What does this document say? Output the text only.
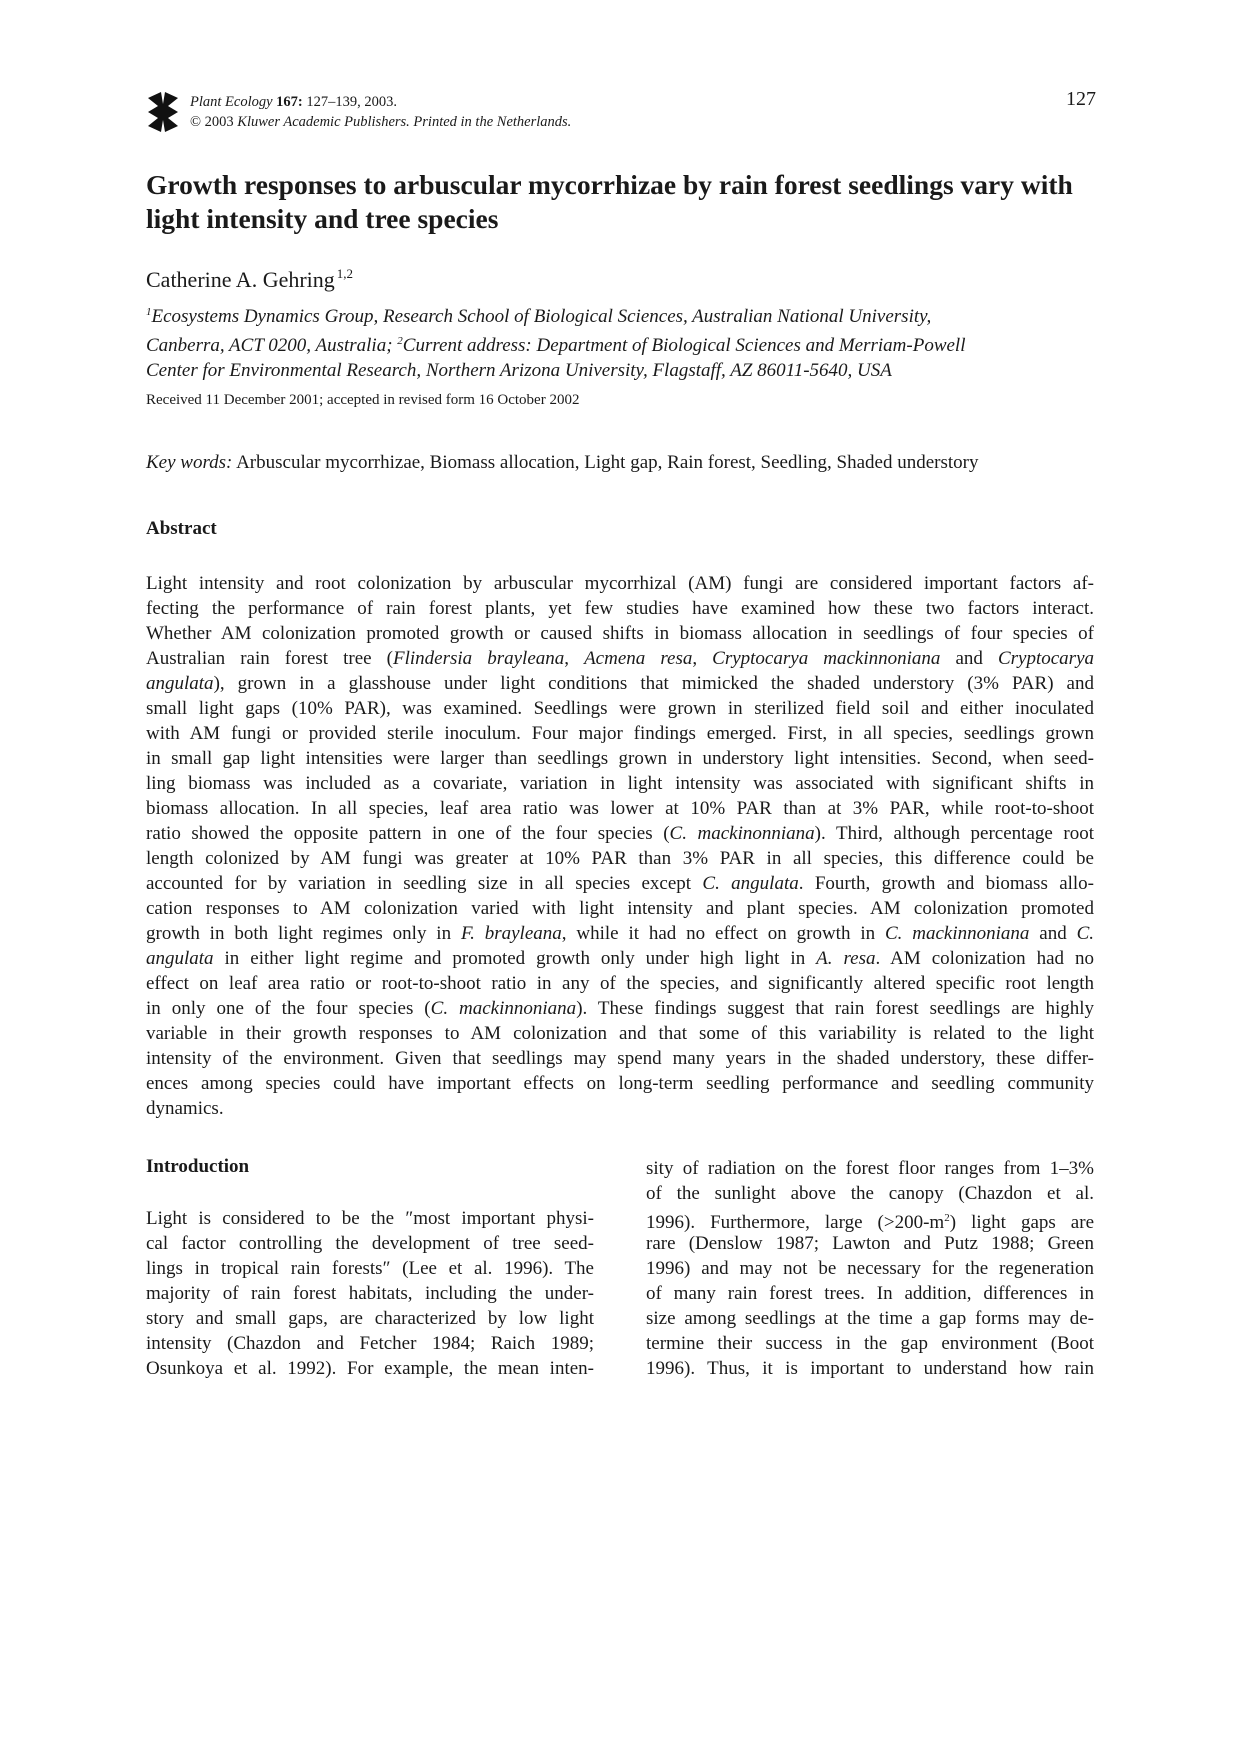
Plant Ecology 167: 127–139, 2003.
© 2003 Kluwer Academic Publishers. Printed in the Netherlands.
127
Growth responses to arbuscular mycorrhizae by rain forest seedlings vary with light intensity and tree species
Catherine A. Gehring $^{1,2}$
$^1$Ecosystems Dynamics Group, Research School of Biological Sciences, Australian National University,
Canberra, ACT 0200, Australia; $^2$Current address: Department of Biological Sciences and Merriam-Powell
Center for Environmental Research, Northern Arizona University, Flagstaff, AZ 86011-5640, USA
Received 11 December 2001; accepted in revised form 16 October 2002
Key words: Arbuscular mycorrhizae, Biomass allocation, Light gap, Rain forest, Seedling, Shaded understory
Abstract
Light intensity and root colonization by arbuscular mycorrhizal (AM) fungi are considered important factors af-
fecting the performance of rain forest plants, yet few studies have examined how these two factors interact.
Whether AM colonization promoted growth or caused shifts in biomass allocation in seedlings of four species of
Australian rain forest tree (Flindersia brayleana, Acmena resa, Cryptocarya mackinnoniana and Cryptocarya
angulata), grown in a glasshouse under light conditions that mimicked the shaded understory (3% PAR) and
small light gaps (10% PAR), was examined. Seedlings were grown in sterilized field soil and either inoculated
with AM fungi or provided sterile inoculum. Four major findings emerged. First, in all species, seedlings grown
in small gap light intensities were larger than seedlings grown in understory light intensities. Second, when seed-
ling biomass was included as a covariate, variation in light intensity was associated with significant shifts in
biomass allocation. In all species, leaf area ratio was lower at 10% PAR than at 3% PAR, while root-to-shoot
ratio showed the opposite pattern in one of the four species (C. mackinonniana). Third, although percentage root
length colonized by AM fungi was greater at 10% PAR than 3% PAR in all species, this difference could be
accounted for by variation in seedling size in all species except C. angulata. Fourth, growth and biomass allo-
cation responses to AM colonization varied with light intensity and plant species. AM colonization promoted
growth in both light regimes only in F. brayleana, while it had no effect on growth in C. mackinnoniana and C.
angulata in either light regime and promoted growth only under high light in A. resa. AM colonization had no
effect on leaf area ratio or root-to-shoot ratio in any of the species, and significantly altered specific root length
in only one of the four species (C. mackinnoniana). These findings suggest that rain forest seedlings are highly
variable in their growth responses to AM colonization and that some of this variability is related to the light
intensity of the environment. Given that seedlings may spend many years in the shaded understory, these differ-
ences among species could have important effects on long-term seedling performance and seedling community
dynamics.
Introduction
Light is considered to be the ″most important physi-
cal factor controlling the development of tree seed-
lings in tropical rain forests″ (Lee et al. 1996). The
majority of rain forest habitats, including the under-
story and small gaps, are characterized by low light
intensity (Chazdon and Fetcher 1984; Raich 1989;
Osunkoya et al. 1992). For example, the mean inten-
sity of radiation on the forest floor ranges from 1–3%
of the sunlight above the canopy (Chazdon et al.
1996). Furthermore, large $(>200-m^2)$ light gaps are
rare (Denslow 1987; Lawton and Putz 1988; Green
1996) and may not be necessary for the regeneration
of many rain forest trees. In addition, differences in
size among seedlings at the time a gap forms may de-
termine their success in the gap environment (Boot
1996). Thus, it is important to understand how rain
